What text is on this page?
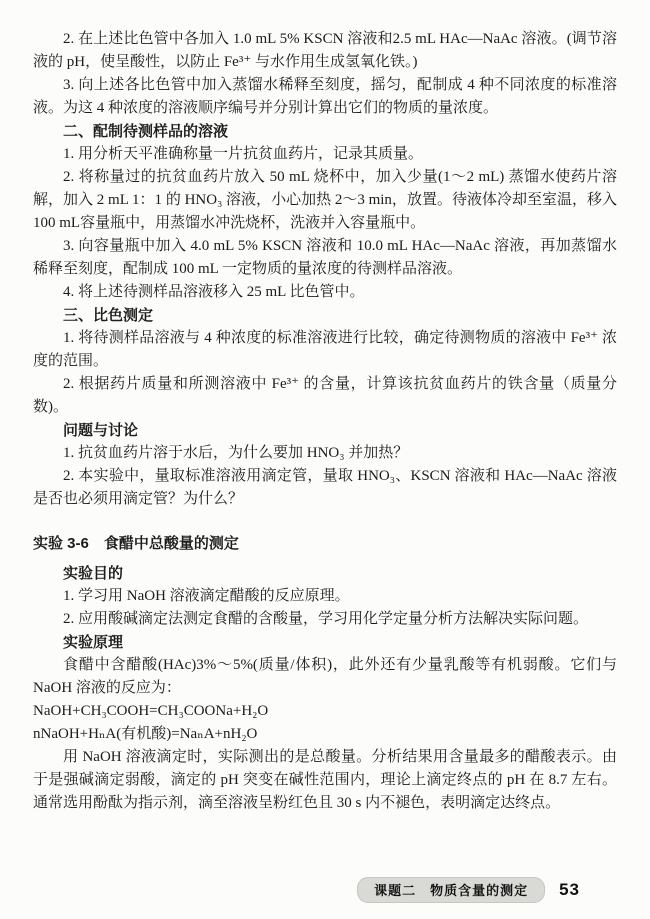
2. 在上述比色管中各加入 1.0 mL 5% KSCN 溶液和2.5 mL HAc—NaAc 溶液。(调节溶液的 pH，使呈酸性，以防止 Fe³⁺ 与水作用生成氢氧化铁。)

3. 向上述各比色管中加入蒸馏水稀释至刻度，摇匀，配制成 4 种不同浓度的标准溶液。为这 4 种浓度的溶液顺序编号并分别计算出它们的物质的量浓度。

二、配制待测样品的溶液

1. 用分析天平准确称量一片抗贫血药片，记录其质量。

2. 将称量过的抗贫血药片放入 50 mL 烧杯中，加入少量(1～2 mL) 蒸馏水使药片溶解，加入 2 mL 1：1 的 HNO₃ 溶液，小心加热 2～3 min，放置。待液体冷却至室温，移入100 mL容量瓶中，用蒸馏水冲洗烧杯，洗液并入容量瓶中。

3. 向容量瓶中加入 4.0 mL 5% KSCN 溶液和 10.0 mL HAc—NaAc 溶液，再加蒸馏水稀释至刻度，配制成 100 mL 一定物质的量浓度的待测样品溶液。

4. 将上述待测样品溶液移入 25 mL 比色管中。

三、比色测定

1. 将待测样品溶液与 4 种浓度的标准溶液进行比较，确定待测物质的溶液中 Fe³⁺ 浓度的范围。

2. 根据药片质量和所测溶液中 Fe³⁺ 的含量，计算该抗贫血药片的铁含量（质量分数)。

问题与讨论

1. 抗贫血药片溶于水后，为什么要加 HNO₃ 并加热？

2. 本实验中，量取标准溶液用滴定管，量取 HNO₃、KSCN 溶液和 HAc—NaAc 溶液是否也必须用滴定管？为什么？

实验 3-6　食醋中总酸量的测定

实验目的

1. 学习用 NaOH 溶液滴定醋酸的反应原理。

2. 应用酸碱滴定法测定食醋的含酸量，学习用化学定量分析方法解决实际问题。

实验原理

食醋中含醋酸(HAc)3%～5%(质量/体积)，此外还有少量乳酸等有机弱酸。它们与 NaOH 溶液的反应为：

NaOH+CH₃COOH=CH₃COONa+H₂O

nNaOH+HₙA(有机酸)=NaₙA+nH₂O

用 NaOH 溶液滴定时，实际测出的是总酸量。分析结果用含量最多的醋酸表示。由于是强碱滴定弱酸，滴定的 pH 突变在碱性范围内，理论上滴定终点的 pH 在 8.7 左右。通常选用酚酞为指示剂，滴至溶液呈粉红色且 30 s 内不褪色，表明滴定达终点。

课题二　物质含量的测定	53
